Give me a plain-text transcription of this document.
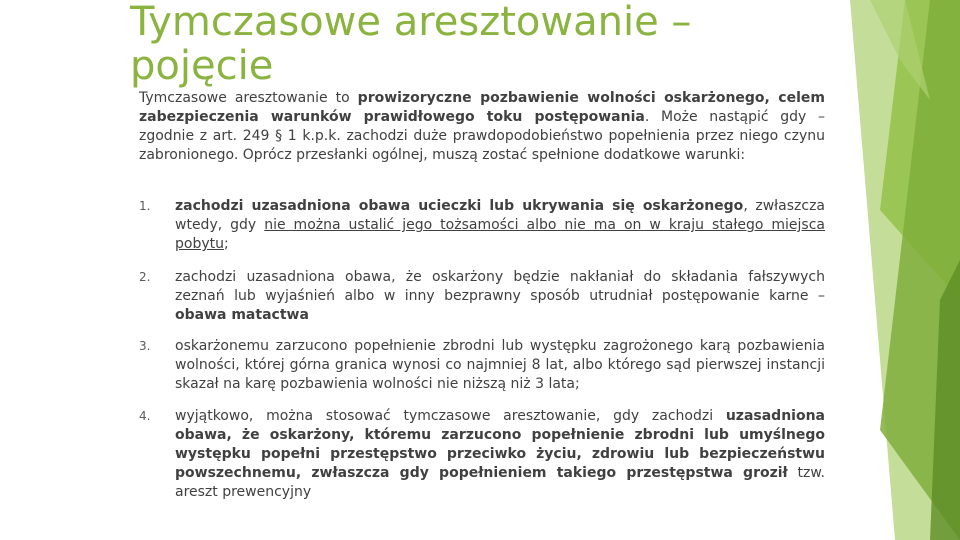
Tymczasowe aresztowanie – pojęcie

Tymczasowe aresztowanie to prowizoryczne pozbawienie wolności oskarżonego, celem zabezpieczenia warunków prawidłowego toku postępowania. Może nastąpić gdy – zgodnie z art. 249 § 1 k.p.k. zachodzi duże prawdopodobieństwo popełnienia przez niego czynu zabronionego. Oprócz przesłanki ogólnej, muszą zostać spełnione dodatkowe warunki:

1. zachodzi uzasadniona obawa ucieczki lub ukrywania się oskarżonego, zwłaszcza wtedy, gdy nie można ustalić jego tożsamości albo nie ma on w kraju stałego miejsca pobytu;
2. zachodzi uzasadniona obawa, że oskarżony będzie nakłaniał do składania fałszywych zeznań lub wyjaśnień albo w inny bezprawny sposób utrudniał postępowanie karne – obawa matactwa
3. oskarżonemu zarzucono popełnienie zbrodni lub występku zagrożonego karą pozbawienia wolności, której górna granica wynosi co najmniej 8 lat, albo którego sąd pierwszej instancji skazał na karę pozbawienia wolności nie niższą niż 3 lata;
4. wyjątkowo, można stosować tymczasowe aresztowanie, gdy zachodzi uzasadniona obawa, że oskarżony, któremu zarzucono popełnienie zbrodni lub umyślnego występku popełni przestępstwo przeciwko życiu, zdrowiu lub bezpieczeństwu powszechnemu, zwłaszcza gdy popełnieniem takiego przestępstwa groził tzw. areszt prewencyjny
